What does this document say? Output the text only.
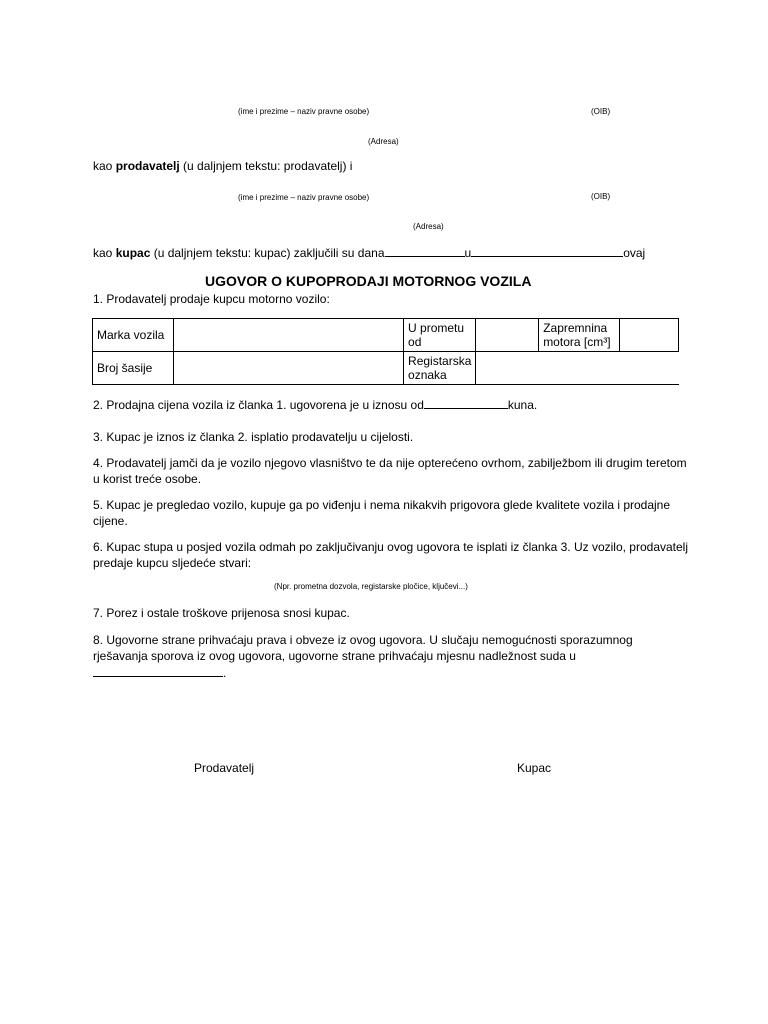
(ime i prezime – naziv pravne osobe)	(OIB)
(Adresa)
kao prodavatelj (u daljnjem tekstu: prodavatelj) i
(ime i prezime – naziv pravne osobe)	(OIB)
(Adresa)
kao kupac (u daljnjem tekstu: kupac) zaključili su dana	u	ovaj
UGOVOR O KUPOPRODAJI MOTORNOG VOZILA
1. Prodavatelj prodaje kupcu motorno vozilo:
Marka vozila		U prometu od		Zapremnina motora [cm³]	
Broj šasije		Registarska oznaka			
2. Prodajna cijena vozila iz članka 1. ugovorena je u iznosu od	kuna.
3. Kupac je iznos iz članka 2. isplatio prodavatelju u cijelosti.
4. Prodavatelj jamči da je vozilo njegovo vlasništvo te da nije opterećeno ovrhom, zabilježbom ili drugim teretom u korist treće osobe.
5. Kupac je pregledao vozilo, kupuje ga po viđenju i nema nikakvih prigovora glede kvalitete vozila i prodajne cijene.
6. Kupac stupa u posjed vozila odmah po zaključivanju ovog ugovora te isplati iz članka 3. Uz vozilo, prodavatelj predaje kupcu sljedeće stvari:
(Npr. prometna dozvola, registarske pločice, ključevi...)
7. Porez i ostale troškove prijenosa snosi kupac.
8. Ugovorne strane prihvaćaju prava i obveze iz ovog ugovora. U slučaju nemogućnosti sporazumnog rješavanja sporova iz ovog ugovora, ugovorne strane prihvaćaju mjesnu nadležnost suda u.
Prodavatelj	Kupac
